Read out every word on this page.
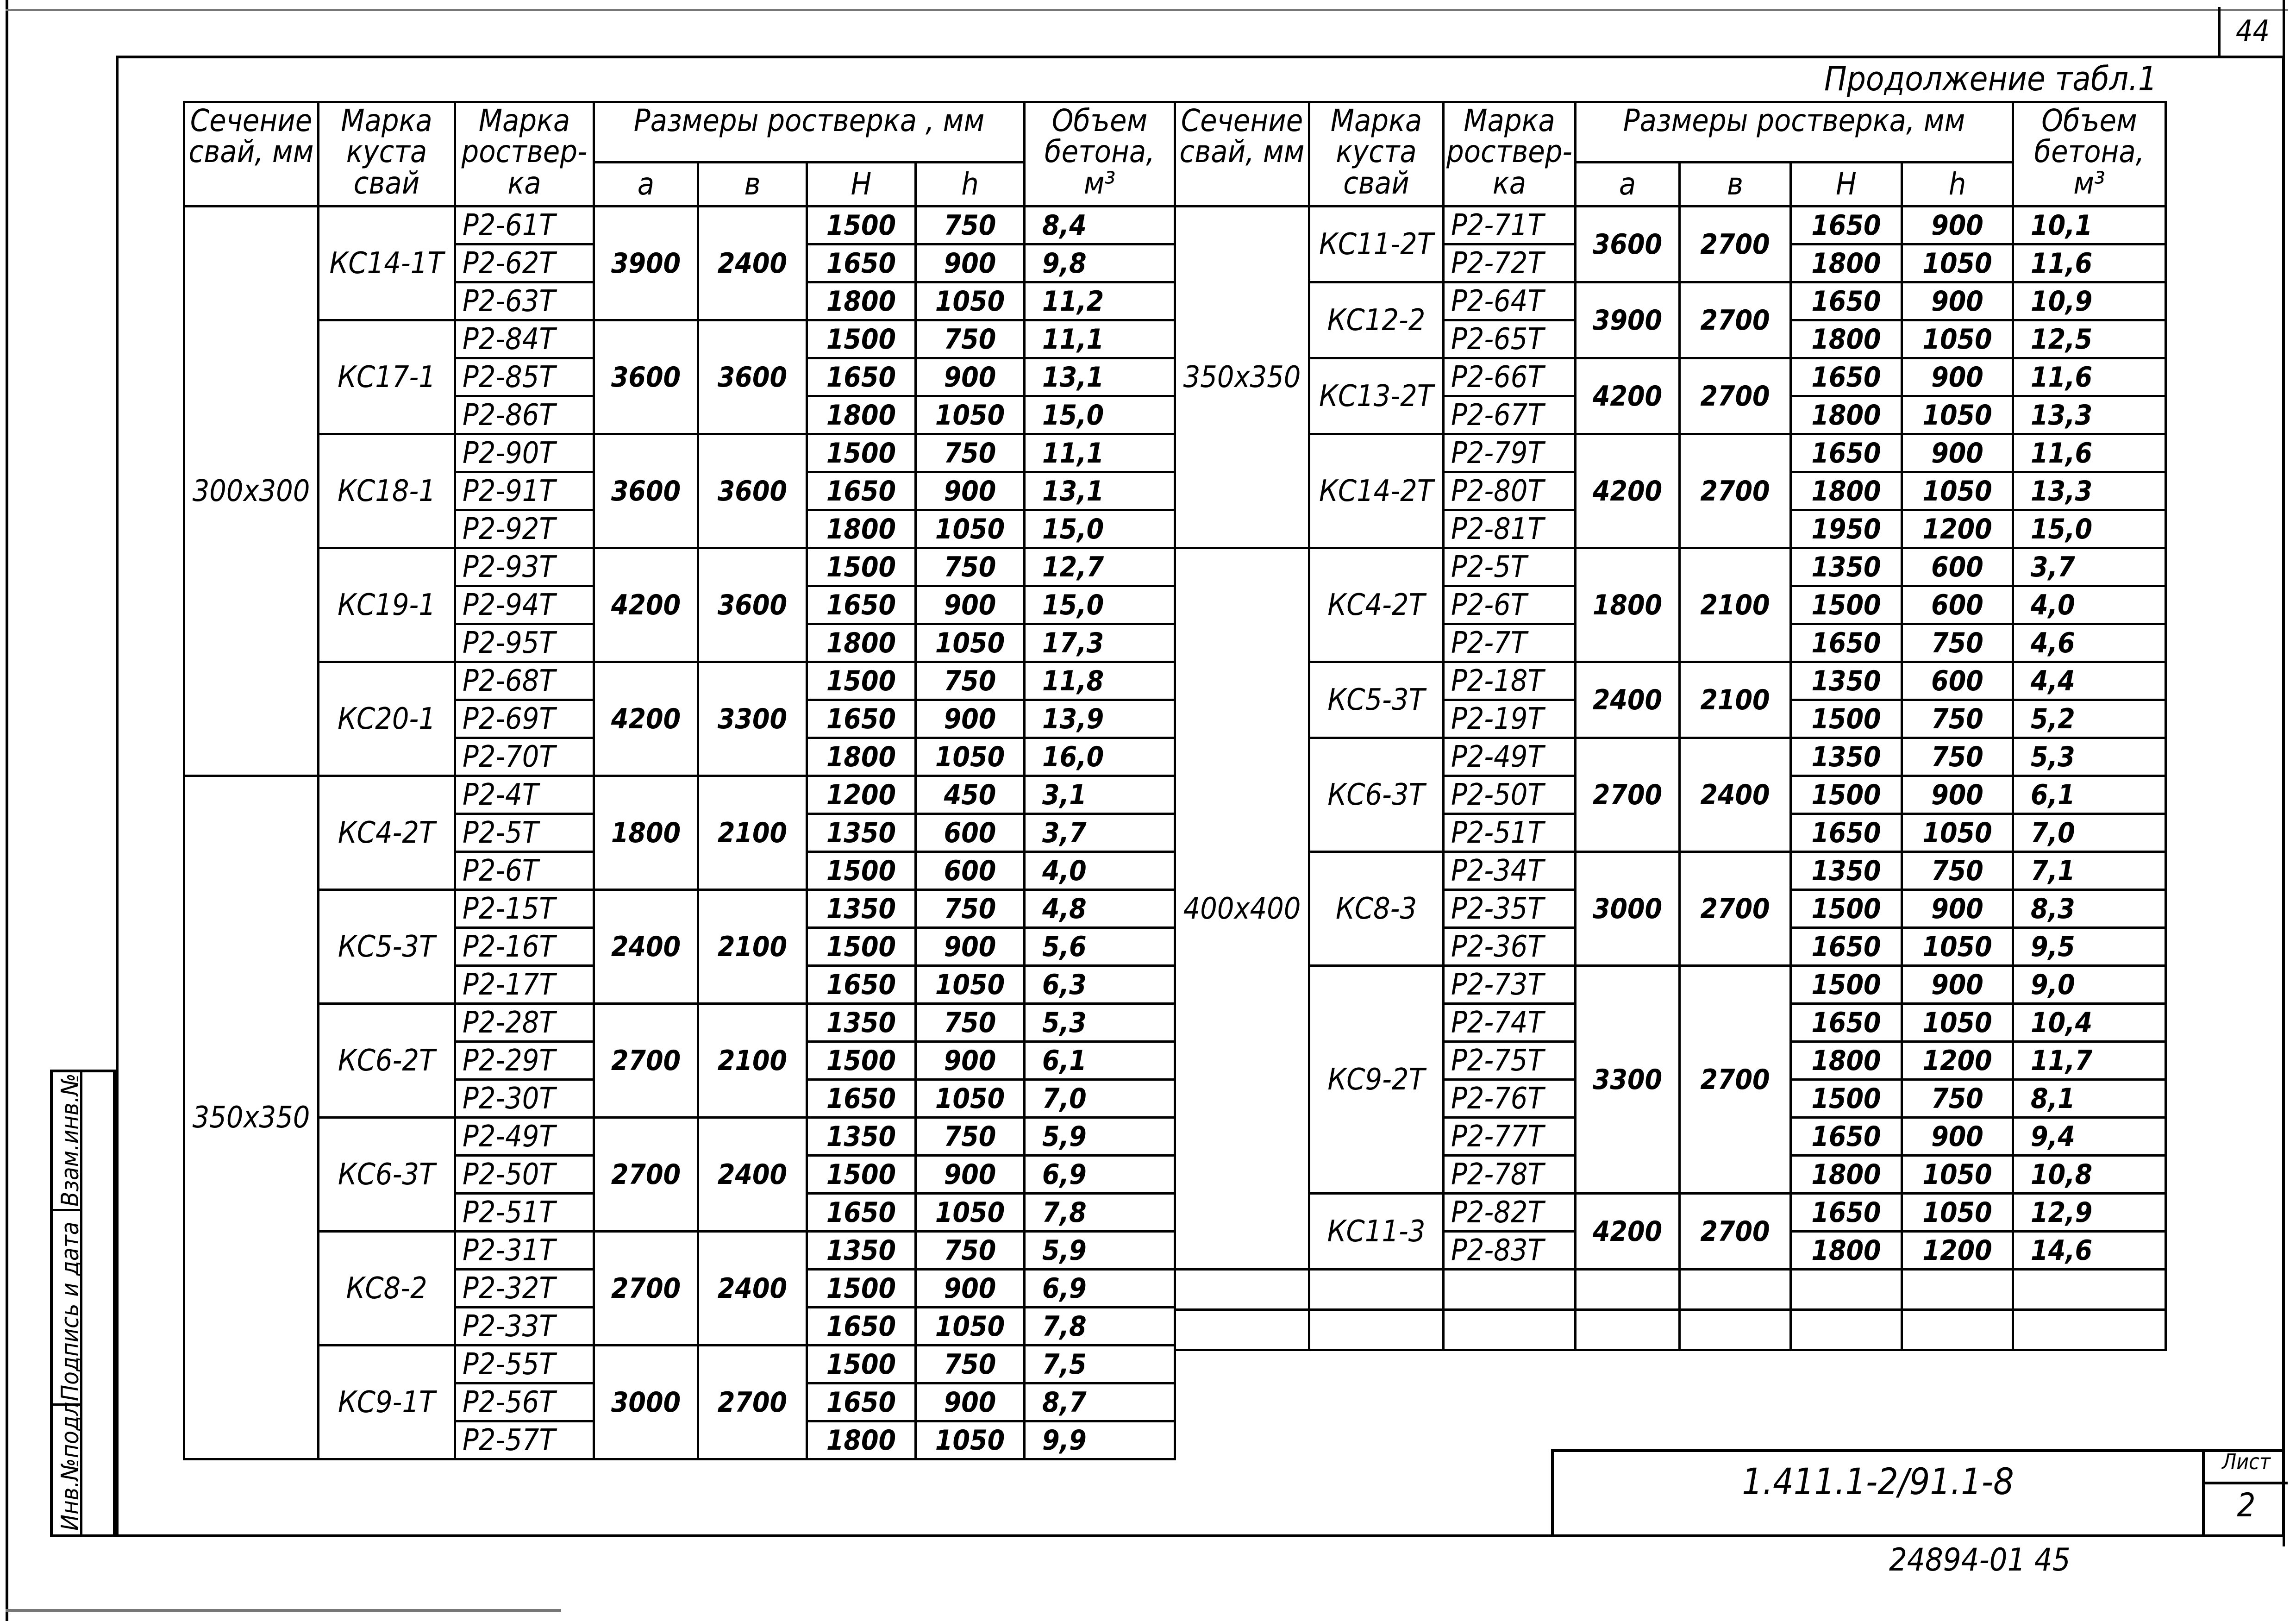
44
Продолжение табл.1
Сечение свай, мм	Марка куста свай	Марка роствер- ка	Размеры ростверка , мм				Объем бетона, м³
			a	в	Н	h	
300х300	КС14-1Т	Р2-61Т	3900	2400	1500	750	8,4
		Р2-62Т			1650	900	9,8
		Р2-63Т			1800	1050	11,2
	КС17-1	Р2-84Т	3600	3600	1500	750	11,1
		Р2-85Т			1650	900	13,1
		Р2-86Т			1800	1050	15,0
	КС18-1	Р2-90Т	3600	3600	1500	750	11,1
		Р2-91Т			1650	900	13,1
		Р2-92Т			1800	1050	15,0
	КС19-1	Р2-93Т	4200	3600	1500	750	12,7
		Р2-94Т			1650	900	15,0
		Р2-95Т			1800	1050	17,3
	КС20-1	Р2-68Т	4200	3300	1500	750	11,8
		Р2-69Т			1650	900	13,9
		Р2-70Т			1800	1050	16,0
350х350	КС4-2Т	Р2-4Т	1800	2100	1200	450	3,1
		Р2-5Т			1350	600	3,7
		Р2-6Т			1500	600	4,0
	КС5-3Т	Р2-15Т	2400	2100	1350	750	4,8
		Р2-16Т			1500	900	5,6
		Р2-17Т			1650	1050	6,3
	КС6-2Т	Р2-28Т	2700	2100	1350	750	5,3
		Р2-29Т			1500	900	6,1
		Р2-30Т			1650	1050	7,0
	КС6-3Т	Р2-49Т	2700	2400	1350	750	5,9
		Р2-50Т			1500	900	6,9
		Р2-51Т			1650	1050	7,8
	КС8-2	Р2-31Т	2700	2400	1350	750	5,9
		Р2-32Т			1500	900	6,9
		Р2-33Т			1650	1050	7,8
	КС9-1Т	Р2-55Т	3000	2700	1500	750	7,5
		Р2-56Т			1650	900	8,7
		Р2-57Т			1800	1050	9,9
Сечение свай, мм	Марка куста свай	Марка роствер- ка	Размеры ростверка, мм				Объем бетона, м³
			a	в	Н	h	
350х350	КС11-2Т	Р2-71Т	3600	2700	1650	900	10,1
		Р2-72Т			1800	1050	11,6
	КС12-2	Р2-64Т	3900	2700	1650	900	10,9
		Р2-65Т			1800	1050	12,5
	КС13-2Т	Р2-66Т	4200	2700	1650	900	11,6
		Р2-67Т			1800	1050	13,3
	КС14-2Т	Р2-79Т	4200	2700	1650	900	11,6
		Р2-80Т			1800	1050	13,3
		Р2-81Т			1950	1200	15,0
400х400	КС4-2Т	Р2-5Т	1800	2100	1350	600	3,7
		Р2-6Т			1500	600	4,0
		Р2-7Т			1650	750	4,6
	КС5-3Т	Р2-18Т	2400	2100	1350	600	4,4
		Р2-19Т			1500	750	5,2
	КС6-3Т	Р2-49Т	2700	2400	1350	750	5,3
		Р2-50Т			1500	900	6,1
		Р2-51Т			1650	1050	7,0
	КС8-3	Р2-34Т	3000	2700	1350	750	7,1
		Р2-35Т			1500	900	8,3
		Р2-36Т			1650	1050	9,5
	КС9-2Т	Р2-73Т	3300	2700	1500	900	9,0
		Р2-74Т			1650	1050	10,4
		Р2-75Т			1800	1200	11,7
		Р2-76Т			1500	750	8,1
		Р2-77Т			1650	900	9,4
		Р2-78Т			1800	1050	10,8
	КС11-3	Р2-82Т	4200	2700	1650	1050	12,9
		Р2-83Т			1800	1200	14,6

Взам.инв.№
Подпись и дата
Инв.№подл.	1.411.1-2/91.1-8	Лист
2
24894-01 45
